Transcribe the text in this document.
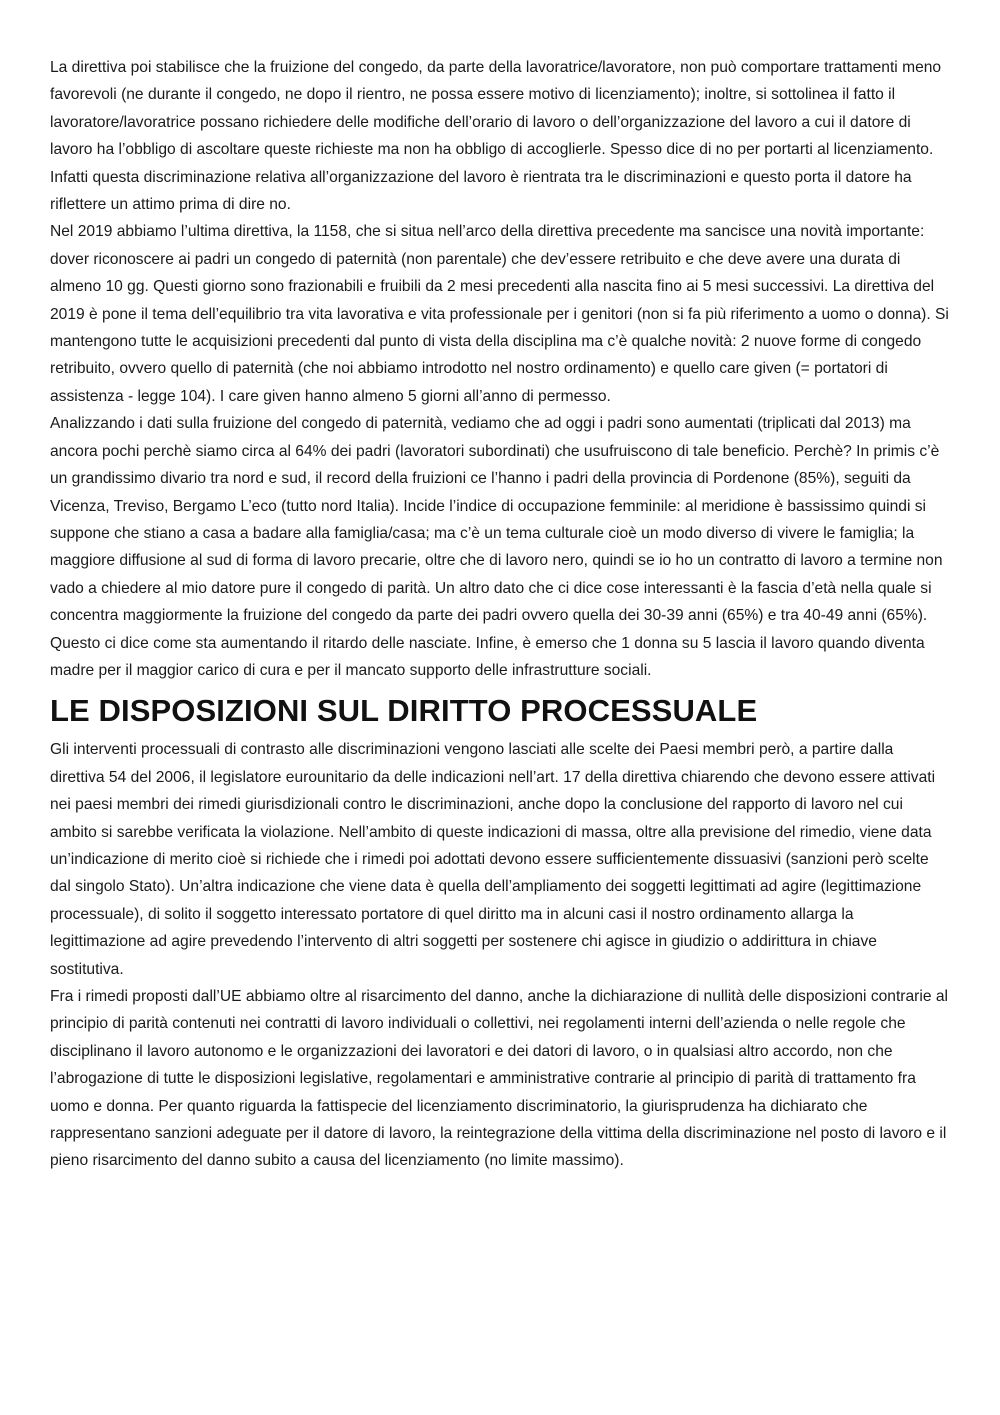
La direttiva poi stabilisce che la fruizione del congedo, da parte della lavoratrice/lavoratore, non può comportare trattamenti meno favorevoli (ne durante il congedo, ne dopo il rientro, ne possa essere motivo di licenziamento); inoltre, si sottolinea il fatto il lavoratore/lavoratrice possano richiedere delle modifiche dell’orario di lavoro o dell’organizzazione del lavoro a cui il datore di lavoro ha l’obbligo di ascoltare queste richieste ma non ha obbligo di accoglierle. Spesso dice di no per portarti al licenziamento. Infatti questa discriminazione relativa all’organizzazione del lavoro è rientrata tra le discriminazioni e questo porta il datore ha riflettere un attimo prima di dire no.

Nel 2019 abbiamo l’ultima direttiva, la 1158, che si situa nell’arco della direttiva precedente ma sancisce una novità importante: dover riconoscere ai padri un congedo di paternità (non parentale) che dev’essere retribuito e che deve avere una durata di almeno 10 gg. Questi giorno sono frazionabili e fruibili da 2 mesi precedenti alla nascita fino ai 5 mesi successivi. La direttiva del 2019 è pone il tema dell’equilibrio tra vita lavorativa e vita professionale per i genitori (non si fa più riferimento a uomo o donna). Si mantengono tutte le acquisizioni precedenti dal punto di vista della disciplina ma c’è qualche novità: 2 nuove forme di congedo retribuito, ovvero quello di paternità (che noi abbiamo introdotto nel nostro ordinamento) e quello care given (= portatori di assistenza - legge 104). I care given hanno almeno 5 giorni all’anno di permesso.

Analizzando i dati sulla fruizione del congedo di paternità, vediamo che ad oggi i padri sono aumentati (triplicati dal 2013) ma ancora pochi perchè siamo circa al 64% dei padri (lavoratori subordinati) che usufruiscono di tale beneficio. Perchè? In primis c’è un grandissimo divario tra nord e sud, il record della fruizioni ce l’hanno i padri della provincia di Pordenone (85%), seguiti da Vicenza, Treviso, Bergamo L’eco (tutto nord Italia). Incide l’indice di occupazione femminile: al meridione è bassissimo quindi si suppone che stiano a casa a badare alla famiglia/casa; ma c’è un tema culturale cioè un modo diverso di vivere le famiglia; la maggiore diffusione al sud di forma di lavoro precarie, oltre che di lavoro nero, quindi se io ho un contratto di lavoro a termine non vado a chiedere al mio datore pure il congedo di parità. Un altro dato che ci dice cose interessanti è la fascia d’età nella quale si concentra maggiormente la fruizione del congedo da parte dei padri ovvero quella dei 30-39 anni (65%) e tra 40-49 anni (65%). Questo ci dice come sta aumentando il ritardo delle nasciate. Infine, è emerso che 1 donna su 5 lascia il lavoro quando diventa madre per il maggior carico di cura e per il mancato supporto delle infrastrutture sociali.

LE DISPOSIZIONI SUL DIRITTO PROCESSUALE

Gli interventi processuali di contrasto alle discriminazioni vengono lasciati alle scelte dei Paesi membri però, a partire dalla direttiva 54 del 2006, il legislatore eurounitario da delle indicazioni nell’art. 17 della direttiva chiarendo che devono essere attivati nei paesi membri dei rimedi giurisdizionali contro le discriminazioni, anche dopo la conclusione del rapporto di lavoro nel cui ambito si sarebbe verificata la violazione. Nell’ambito di queste indicazioni di massa, oltre alla previsione del rimedio, viene data un’indicazione di merito cioè si richiede che i rimedi poi adottati devono essere sufficientemente dissuasivi (sanzioni però scelte dal singolo Stato). Un’altra indicazione che viene data è quella dell’ampliamento dei soggetti legittimati ad agire (legittimazione processuale), di solito il soggetto interessato portatore di quel diritto ma in alcuni casi il nostro ordinamento allarga la legittimazione ad agire prevedendo l’intervento di altri soggetti per sostenere chi agisce in giudizio o addirittura in chiave sostitutiva.

Fra i rimedi proposti dall’UE abbiamo oltre al risarcimento del danno, anche la dichiarazione di nullità delle disposizioni contrarie al principio di parità contenuti nei contratti di lavoro individuali o collettivi, nei regolamenti interni dell’azienda o nelle regole che disciplinano il lavoro autonomo e le organizzazioni dei lavoratori e dei datori di lavoro, o in qualsiasi altro accordo, non che l’abrogazione di tutte le disposizioni legislative, regolamentari e amministrative contrarie al principio di parità di trattamento fra uomo e donna. Per quanto riguarda la fattispecie del licenziamento discriminatorio, la giurisprudenza ha dichiarato che rappresentano sanzioni adeguate per il datore di lavoro, la reintegrazione della vittima della discriminazione nel posto di lavoro e il pieno risarcimento del danno subito a causa del licenziamento (no limite massimo).
